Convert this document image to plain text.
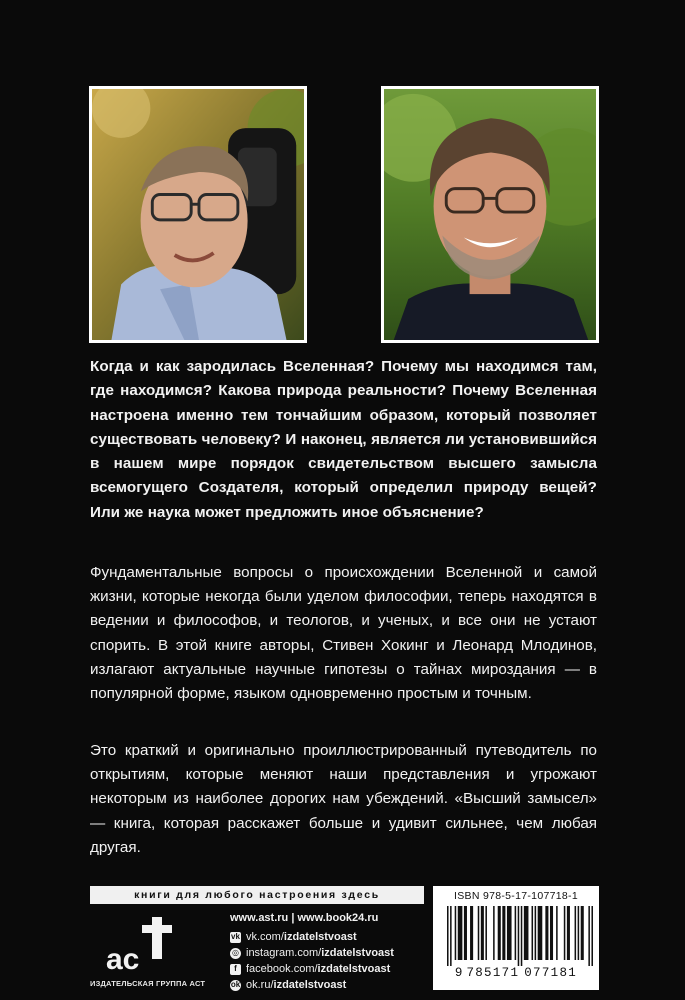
Когда и как зародилась Вселенная? Почему мы находимся там, где находимся? Какова природа реальности? Почему Вселенная настроена именно тем тончайшим образом, который позволяет существовать человеку? И наконец, является ли установившийся в нашем мире порядок свидетельством высшего замысла всемогущего Создателя, который определил природу вещей? Или же наука может предложить иное объяснение?

Фундаментальные вопросы о происхождении Вселенной и самой жизни, которые некогда были уделом философии, теперь находятся в ведении и философов, и теологов, и ученых, и все они не устают спорить. В этой книге авторы, Стивен Хокинг и Леонард Млодинов, излагают актуальные научные гипотезы о тайнах мироздания — в популярной форме, языком одновременно простым и точным.

Это краткий и оригинально проиллюстрированный путеводитель по открытиям, которые меняют наши представления и угрожают некоторым из наиболее дорогих нам убеждений. «Высший замысел» — книга, которая расскажет больше и удивит сильнее, чем любая другая.

книги для любого настроения здесь
ас
ИЗДАТЕЛЬСКАЯ ГРУППА АСТ
www.ast.ru | www.book24.ru
vk vk.com/ izdatelstvoast
◎ instagram.com/ izdatelstvoast
f facebook.com/ izdatelstvoast
ok ok.ru/ izdatelstvoast
ISBN 978-5-17-107718-1
9 785171 077181
